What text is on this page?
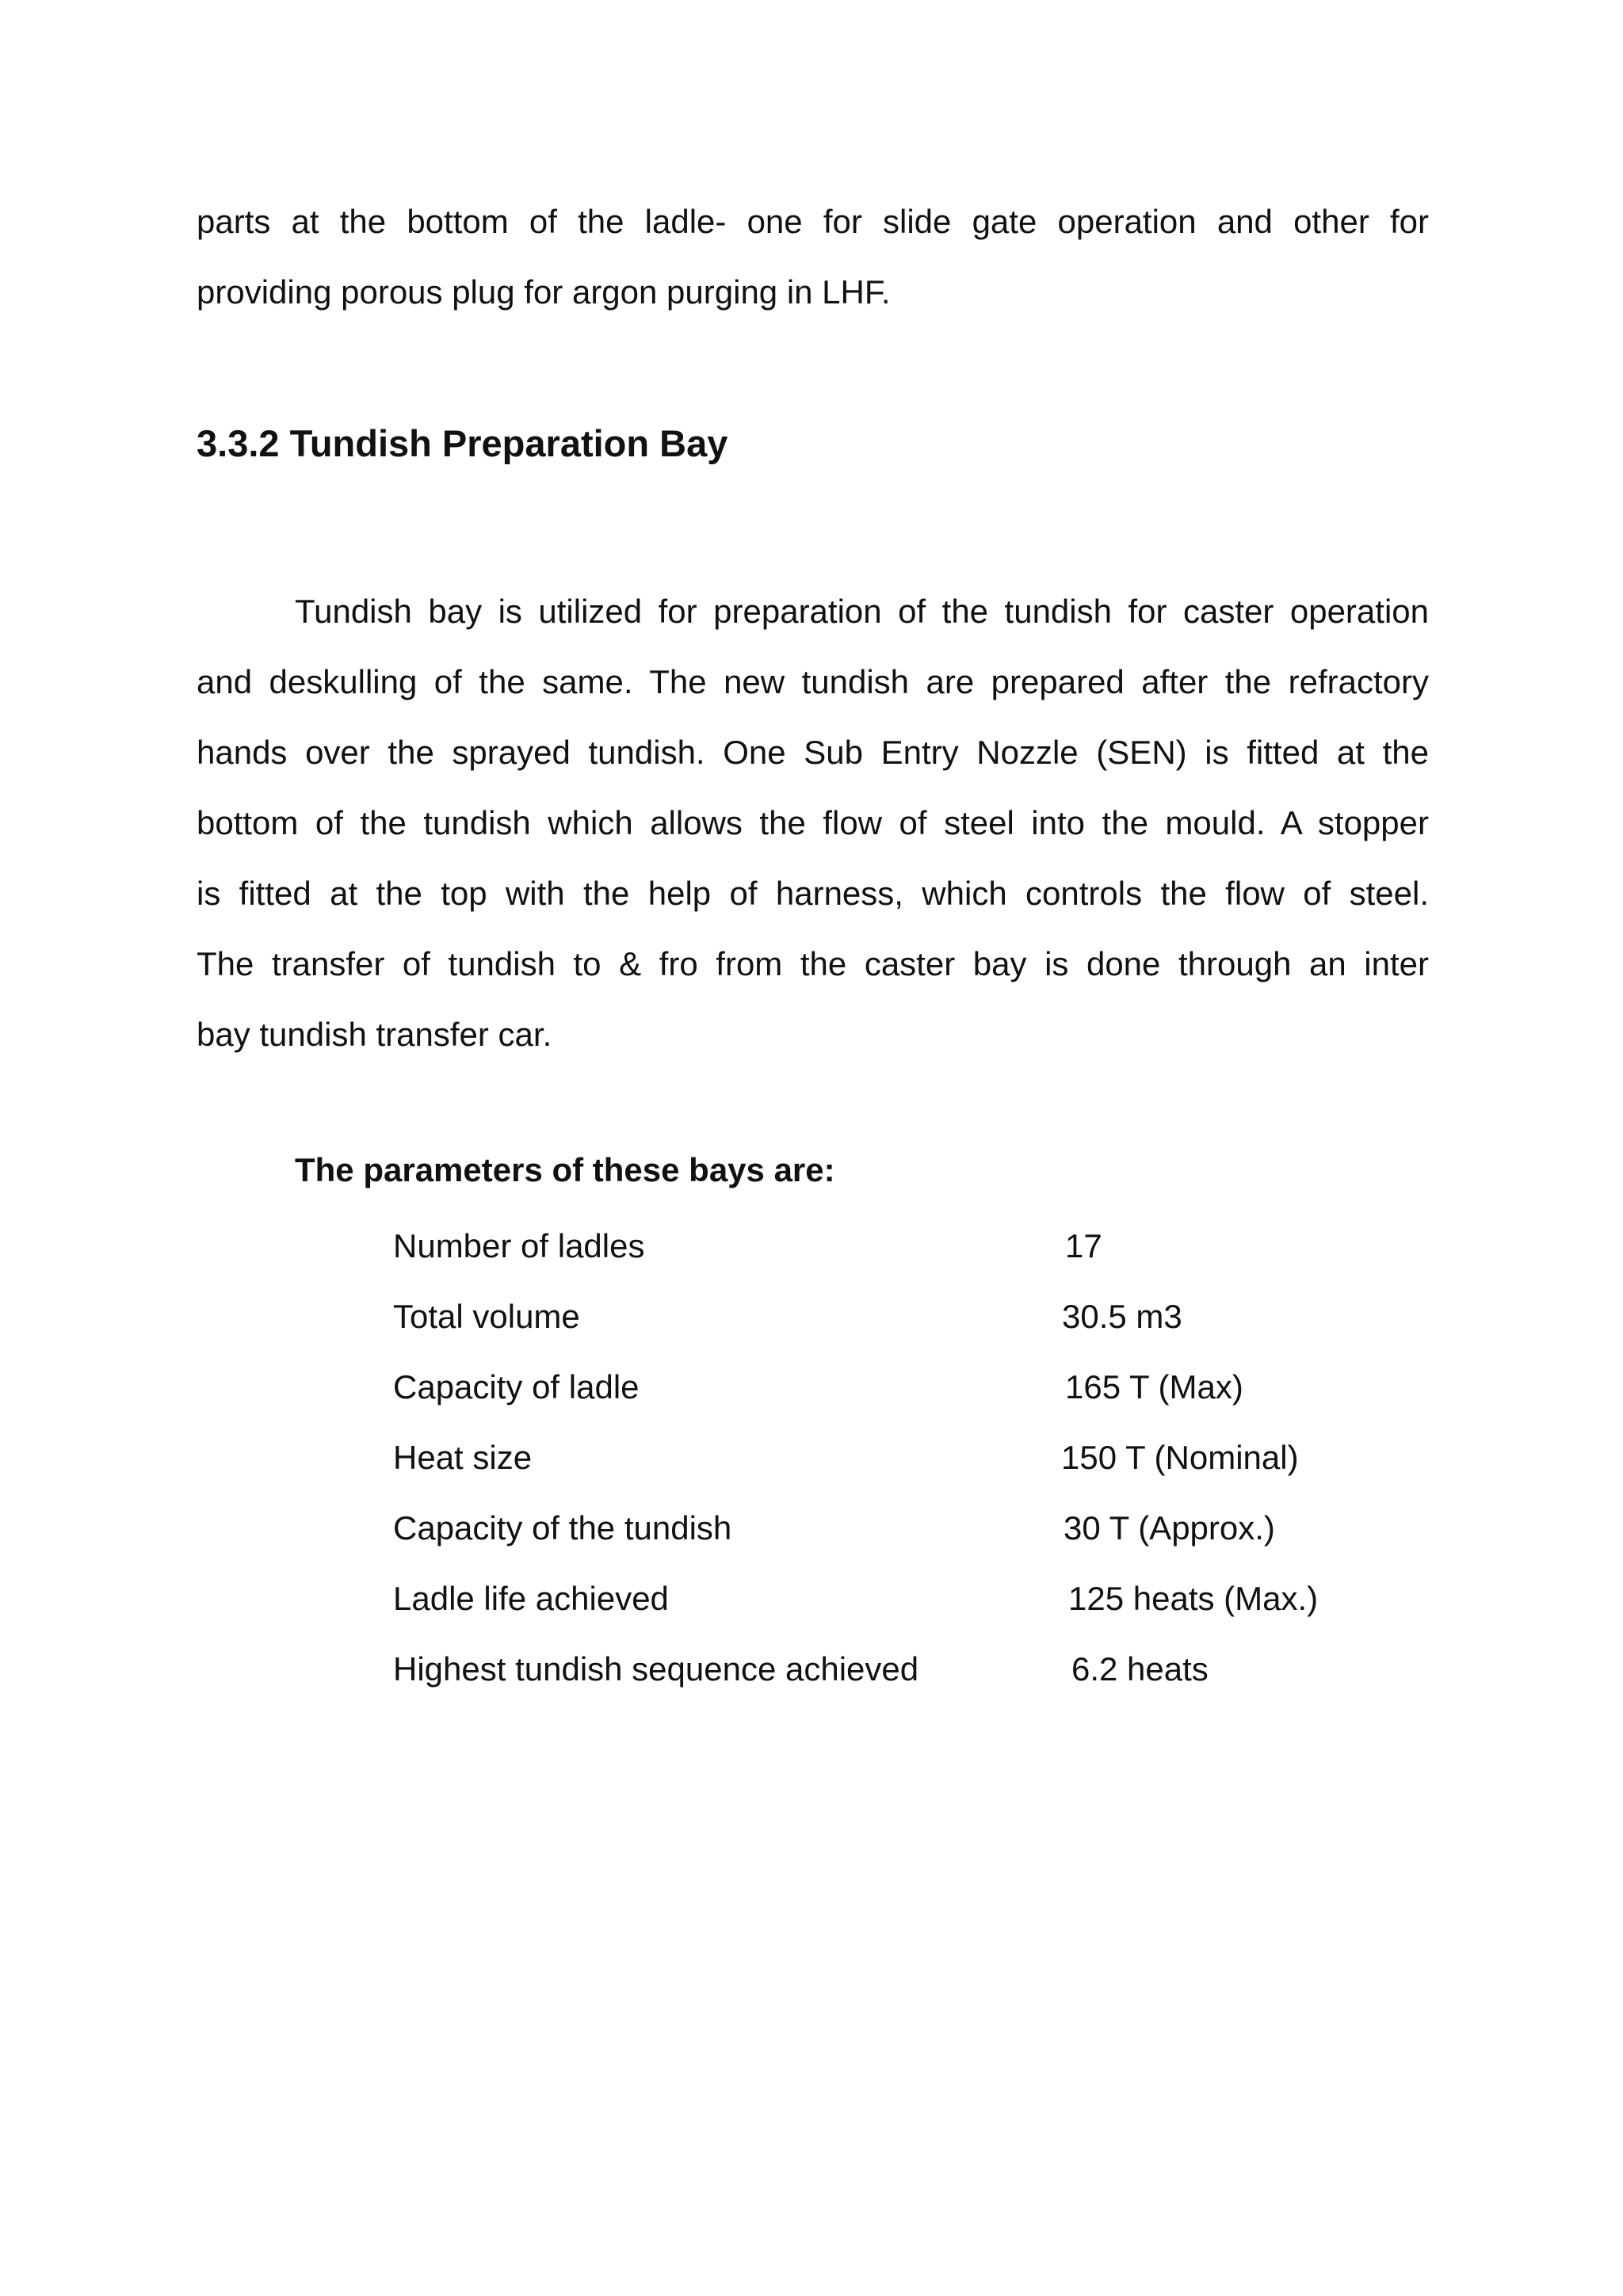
parts at the bottom of the ladle- one for slide gate operation and other for

providing porous plug for argon purging in LHF.

3.3.2 Tundish Preparation Bay

Tundish bay is utilized for preparation of the tundish for caster operation

and deskulling of the same. The new tundish are prepared after the refractory

hands over the sprayed tundish. One Sub Entry Nozzle (SEN) is fitted at the

bottom of the tundish which allows the flow of steel into the mould. A stopper

is fitted at the top with the help of harness, which controls the flow of steel.

The transfer of tundish to & fro from the caster bay is done through an inter

bay tundish transfer car.

The parameters of these bays are:

Number of ladles	17
Total volume	30.5 m3
Capacity of ladle	165 T (Max)
Heat size	150 T (Nominal)
Capacity of the tundish	30 T (Approx.)
Ladle life achieved	125 heats (Max.)
Highest tundish sequence achieved	6.2 heats
